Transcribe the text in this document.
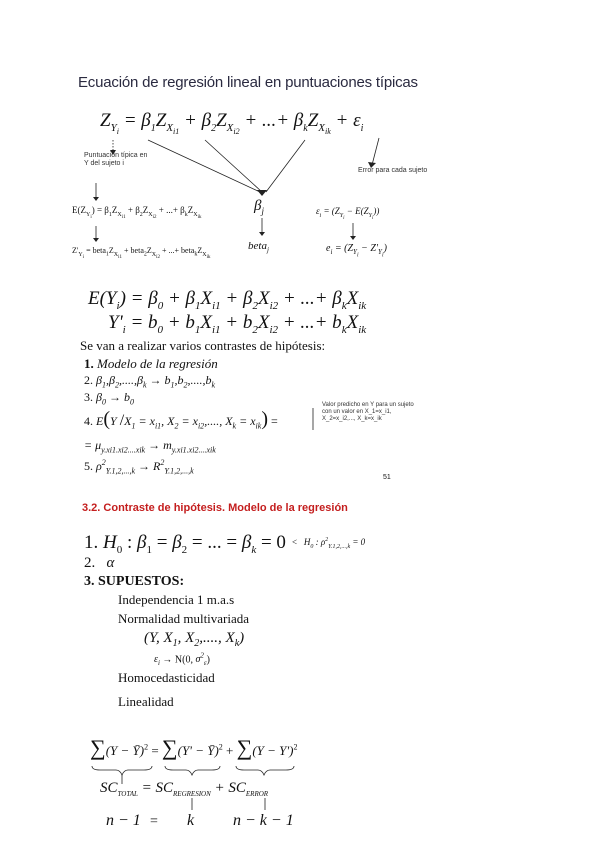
Ecuación de regresión lineal en puntuaciones típicas
$Z_{Y_i} = \beta_1Z_{X_{i1}} + \beta_2Z_{X_{i2}}$ + ...+ $\beta_kZ_{X_{ik}} + \varepsilon_i$
Puntuación típica en Y del sujeto i
Error para cada sujeto
$E(Z_{Y_i}) = \beta_1Z_{X_{i1}} + \beta_2Z_{X_{i2}}$ + ...+ $\beta_kZ_{X_{ik}}$
$\beta_j$	$\varepsilon_i = (Z_{Y_i} - E(Z_{Y_i}))$
$Z'_{Y_i}$ = $beta_1Z_{X_{i1}}$ + $beta_2Z_{X_{i2}}$ + ...+ $beta_kZ_{X_{ik}}$
beta$_j$	$e_i = (Z_{Y_i} - Z'_{Y_i})$
$E(Y_i) = \beta_0 + \beta_1X_{i1} + \beta_2X_{i2}$ + ...+ $\beta_kX_{ik}$
$Y'_i = b_0 + b_1X_{i1} + b_2X_{i2}$ + ...+ $b_kX_{ik}$
Se van a realizar varios contrastes de hipótesis:
1. Modelo de la regresión
2. $\beta_1,\beta_2,....,\beta_k \to b_1,b_2,....,b_k$
3. $\beta_0 \to b_0$
4. E(Y $/X_1 = x_{i1}$, $X_2 = x_{i2}$,...., $X_k = x_{ik}$) =
Valor predicho en Y para un sujeto con un valor en X_1=x_i1, X_2=x_i2,..., X_k=x_ik
= $\mu_{y.xi1.xi2....xik} \to m_{y.xi1.xi2....xik}$
5. $\rho^2_{Y.1,2,...,k} \to R^2_{Y.1,2,...,k}$
51
3.2. Contraste de hipótesis. Modelo de la regresión
1. $H_0$ : $\beta_1 = \beta_2$ = ... = $\beta_k = 0 < H_0$ : $\rho^2_{Y.1,2,...,k} = 0$
2.   α
3. SUPUESTOS:
Independencia 1 m.a.s
Normalidad multivariada
(Y, $X_1$, $X_2$,...., $X_k$)
$\varepsilon_i \to N(0$, $\sigma^2_\varepsilon$)
Homocedasticidad
Linealidad
∑(Y − Ȳ)$^2$ = ∑(Y' − Ȳ)$^2$ + $\sum(Y - Y')^2$
$SC_{TOTAL} = SC_{REGRESION} + SC_{ERROR}$
n − 1 = k n − k − 1
